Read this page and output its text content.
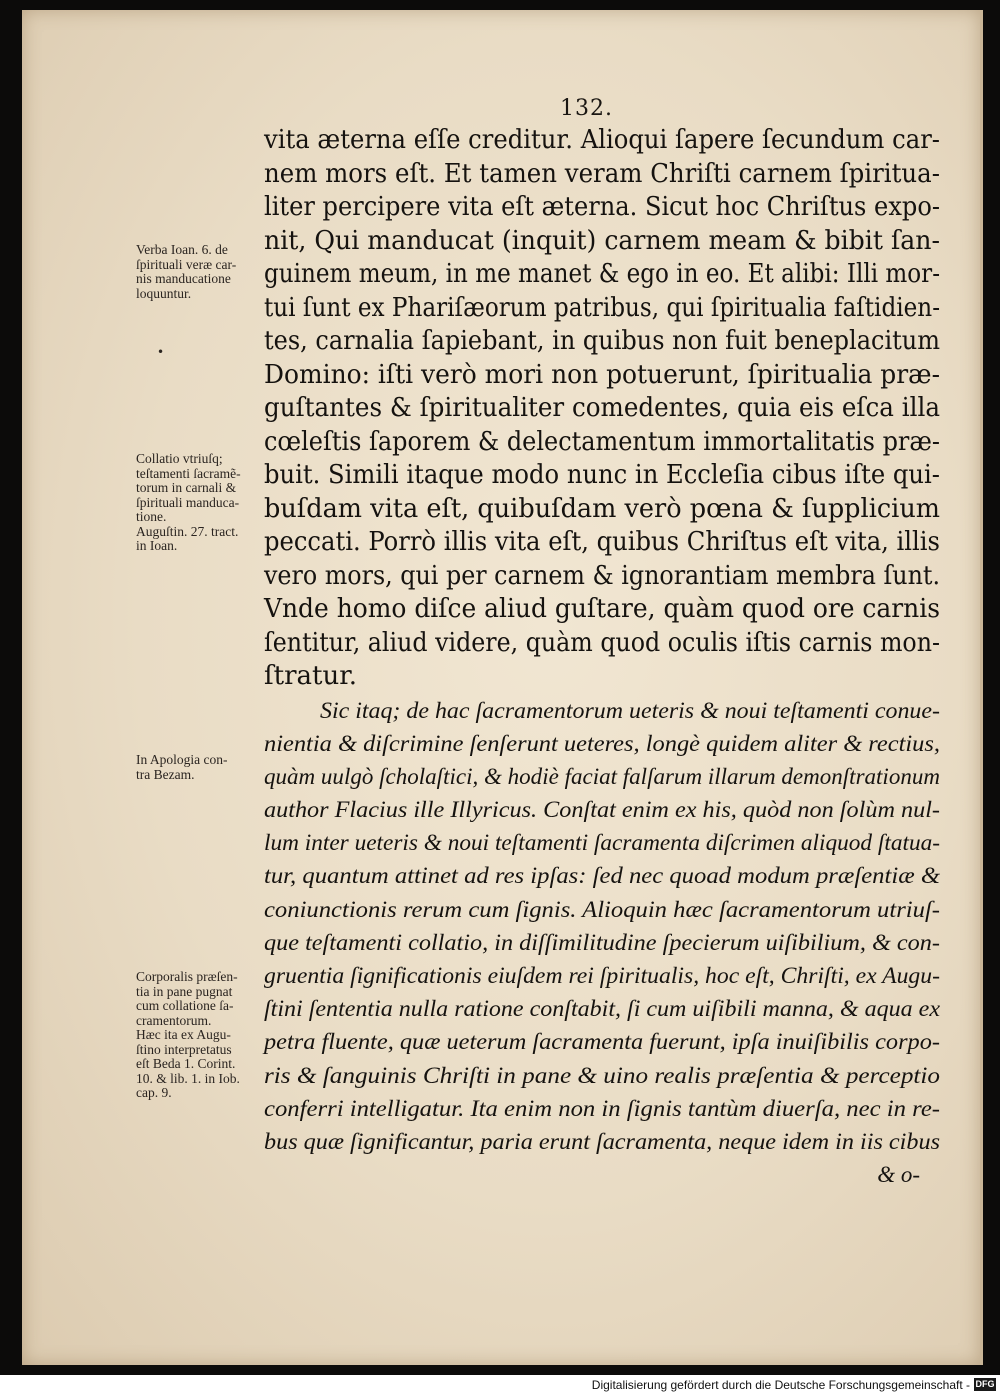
132.
vita æterna eſſe creditur. Alioqui ſapere ſecundum car-
nem mors eſt. Et tamen veram Chriſti carnem ſpiritua-
liter percipere vita eſt æterna. Sicut hoc Chriſtus expo-
nit, Qui manducat (inquit) carnem meam & bibit ſan-
guinem meum, in me manet & ego in eo. Et alibi: Illi mor-
tui ſunt ex Phariſæorum patribus, qui ſpiritualia faſtidien-
tes, carnalia ſapiebant, in quibus non fuit beneplacitum
Domino: iſti verò mori non potuerunt, ſpiritualia præ-
guſtantes & ſpiritualiter comedentes, quia eis eſca illa
cœleſtis ſaporem & delectamentum immortalitatis præ-
buit. Simili itaque modo nunc in Eccleſia cibus iſte qui-
buſdam vita eſt, quibuſdam verò pœna & ſupplicium
peccati. Porrò illis vita eſt, quibus Chriſtus eſt vita, illis
vero mors, qui per carnem & ignorantiam membra ſunt.
Vnde homo diſce aliud guſtare, quàm quod ore carnis
ſentitur, aliud videre, quàm quod oculis iſtis carnis mon-
ſtratur.
Sic itaq; de hac ſacramentorum ueteris & noui teſtamenti conue-
nientia & diſcrimine ſenſerunt ueteres, longè quidem aliter & rectius,
quàm uulgò ſcholaſtici, & hodiè faciat falſarum illarum demonſtrationum
author Flacius ille Illyricus. Conſtat enim ex his, quòd non ſolùm nul-
lum inter ueteris & noui teſtamenti ſacramenta diſcrimen aliquod ſtatua-
tur, quantum attinet ad res ipſas: ſed nec quoad modum præſentiæ &
coniunctionis rerum cum ſignis. Alioquin hæc ſacramentorum utriuſ-
que teſtamenti collatio, in diſſimilitudine ſpecierum uiſibilium, & con-
gruentia ſignificationis eiuſdem rei ſpiritualis, hoc eſt, Chriſti, ex Augu-
ſtini ſententia nulla ratione conſtabit, ſi cum uiſibili manna, & aqua ex
petra fluente, quæ ueterum ſacramenta fuerunt, ipſa inuiſibilis corpo-
ris & ſanguinis Chriſti in pane & uino realis præſentia & perceptio
conferri intelligatur. Ita enim non in ſignis tantùm diuerſa, nec in re-
bus quæ ſignificantur, paria erunt ſacramenta, neque idem in iis cibus
& o-
Verba Ioan. 6. de
ſpirituali veræ car-
nis manducatione
loquuntur.
•
Collatio vtriuſq;
teſtamenti ſacramẽ-
torum in carnali &
ſpirituali manduca-
tione.
Auguſtin. 27. tract.
in Ioan.
In Apologia con-
tra Bezam.
Corporalis præſen-
tia in pane pugnat
cum collatione ſa-
cramentorum.
Hæc ita ex Augu-
ſtino interpretatus
eſt Beda 1. Corint.
10. & lib. 1. in Iob.
cap. 9.
Digitalisierung gefördert durch die Deutsche Forschungsgemeinschaft - DFG
